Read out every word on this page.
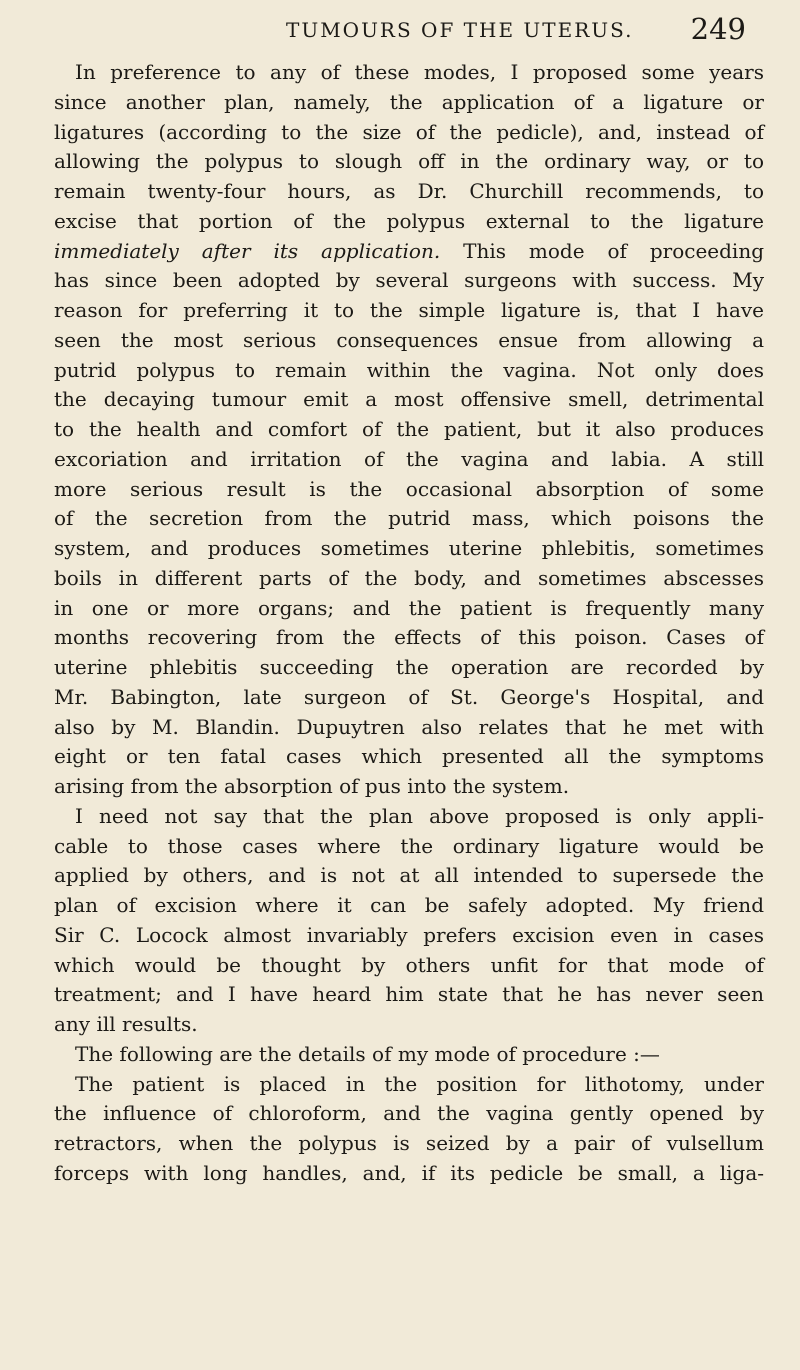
TUMOURS OF THE UTERUS. 249
In preference to any of these modes, I proposed some years
since another plan, namely, the application of a ligature or
ligatures (according to the size of the pedicle), and, instead of
allowing the polypus to slough off in the ordinary way, or to
remain twenty-four hours, as Dr. Churchill recommends, to
excise that portion of the polypus external to the ligature
immediately after its application. This mode of proceeding
has since been adopted by several surgeons with success. My
reason for preferring it to the simple ligature is, that I have
seen the most serious consequences ensue from allowing a
putrid polypus to remain within the vagina. Not only does
the decaying tumour emit a most offensive smell, detrimental
to the health and comfort of the patient, but it also produces
excoriation and irritation of the vagina and labia. A still
more serious result is the occasional absorption of some
of the secretion from the putrid mass, which poisons the
system, and produces sometimes uterine phlebitis, sometimes
boils in different parts of the body, and sometimes abscesses
in one or more organs; and the patient is frequently many
months recovering from the effects of this poison. Cases of
uterine phlebitis succeeding the operation are recorded by
Mr. Babington, late surgeon of St. George's Hospital, and
also by M. Blandin. Dupuytren also relates that he met with
eight or ten fatal cases which presented all the symptoms
arising from the absorption of pus into the system.
I need not say that the plan above proposed is only appli-
cable to those cases where the ordinary ligature would be
applied by others, and is not at all intended to supersede the
plan of excision where it can be safely adopted. My friend
Sir C. Locock almost invariably prefers excision even in cases
which would be thought by others unfit for that mode of
treatment; and I have heard him state that he has never seen
any ill results.
The following are the details of my mode of procedure :—
The patient is placed in the position for lithotomy, under
the influence of chloroform, and the vagina gently opened by
retractors, when the polypus is seized by a pair of vulsellum
forceps with long handles, and, if its pedicle be small, a liga-
